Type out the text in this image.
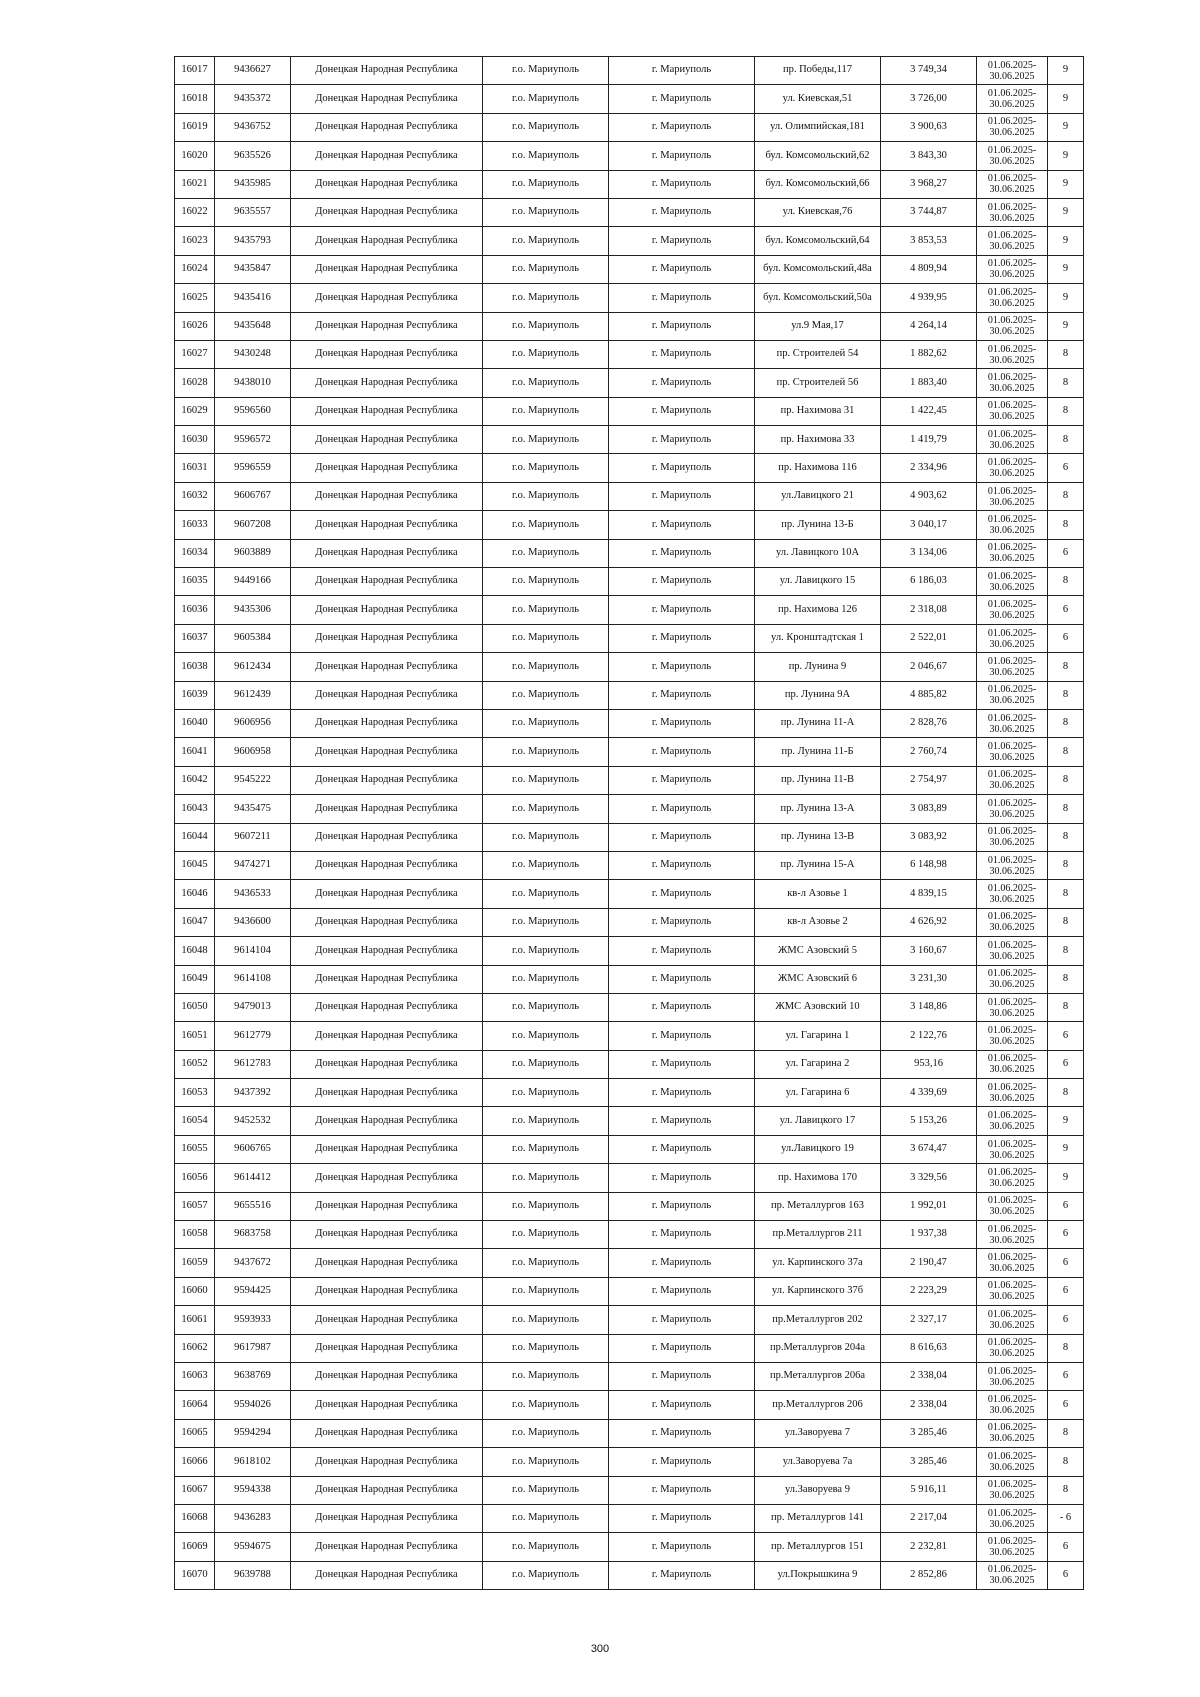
16017	9436627	Донецкая Народная Республика	г.о. Мариуполь	г. Мариуполь	пр. Победы,117	3 749,34	01.06.2025-30.06.2025	9
16018	9435372	Донецкая Народная Республика	г.о. Мариуполь	г. Мариуполь	ул. Киевская,51	3 726,00	01.06.2025-30.06.2025	9
16019	9436752	Донецкая Народная Республика	г.о. Мариуполь	г. Мариуполь	ул. Олимпийская,181	3 900,63	01.06.2025-30.06.2025	9
16020	9635526	Донецкая Народная Республика	г.о. Мариуполь	г. Мариуполь	бул. Комсомольский,62	3 843,30	01.06.2025-30.06.2025	9
16021	9435985	Донецкая Народная Республика	г.о. Мариуполь	г. Мариуполь	бул. Комсомольский,66	3 968,27	01.06.2025-30.06.2025	9
16022	9635557	Донецкая Народная Республика	г.о. Мариуполь	г. Мариуполь	ул. Киевская,76	3 744,87	01.06.2025-30.06.2025	9
16023	9435793	Донецкая Народная Республика	г.о. Мариуполь	г. Мариуполь	бул. Комсомольский,64	3 853,53	01.06.2025-30.06.2025	9
16024	9435847	Донецкая Народная Республика	г.о. Мариуполь	г. Мариуполь	бул. Комсомольский,48а	4 809,94	01.06.2025-30.06.2025	9
16025	9435416	Донецкая Народная Республика	г.о. Мариуполь	г. Мариуполь	бул. Комсомольский,50а	4 939,95	01.06.2025-30.06.2025	9
16026	9435648	Донецкая Народная Республика	г.о. Мариуполь	г. Мариуполь	ул.9 Мая,17	4 264,14	01.06.2025-30.06.2025	9
16027	9430248	Донецкая Народная Республика	г.о. Мариуполь	г. Мариуполь	пр. Строителей 54	1 882,62	01.06.2025-30.06.2025	8
16028	9438010	Донецкая Народная Республика	г.о. Мариуполь	г. Мариуполь	пр. Строителей 56	1 883,40	01.06.2025-30.06.2025	8
16029	9596560	Донецкая Народная Республика	г.о. Мариуполь	г. Мариуполь	пр. Нахимова 31	1 422,45	01.06.2025-30.06.2025	8
16030	9596572	Донецкая Народная Республика	г.о. Мариуполь	г. Мариуполь	пр. Нахимова 33	1 419,79	01.06.2025-30.06.2025	8
16031	9596559	Донецкая Народная Республика	г.о. Мариуполь	г. Мариуполь	пр. Нахимова 116	2 334,96	01.06.2025-30.06.2025	6
16032	9606767	Донецкая Народная Республика	г.о. Мариуполь	г. Мариуполь	ул.Лавицкого 21	4 903,62	01.06.2025-30.06.2025	8
16033	9607208	Донецкая Народная Республика	г.о. Мариуполь	г. Мариуполь	пр. Лунина 13-Б	3 040,17	01.06.2025-30.06.2025	8
16034	9603889	Донецкая Народная Республика	г.о. Мариуполь	г. Мариуполь	ул. Лавицкого 10А	3 134,06	01.06.2025-30.06.2025	6
16035	9449166	Донецкая Народная Республика	г.о. Мариуполь	г. Мариуполь	ул. Лавицкого 15	6 186,03	01.06.2025-30.06.2025	8
16036	9435306	Донецкая Народная Республика	г.о. Мариуполь	г. Мариуполь	пр. Нахимова 126	2 318,08	01.06.2025-30.06.2025	6
16037	9605384	Донецкая Народная Республика	г.о. Мариуполь	г. Мариуполь	ул. Кронштадтская 1	2 522,01	01.06.2025-30.06.2025	6
16038	9612434	Донецкая Народная Республика	г.о. Мариуполь	г. Мариуполь	пр. Лунина 9	2 046,67	01.06.2025-30.06.2025	8
16039	9612439	Донецкая Народная Республика	г.о. Мариуполь	г. Мариуполь	пр. Лунина 9А	4 885,82	01.06.2025-30.06.2025	8
16040	9606956	Донецкая Народная Республика	г.о. Мариуполь	г. Мариуполь	пр. Лунина 11-А	2 828,76	01.06.2025-30.06.2025	8
16041	9606958	Донецкая Народная Республика	г.о. Мариуполь	г. Мариуполь	пр. Лунина 11-Б	2 760,74	01.06.2025-30.06.2025	8
16042	9545222	Донецкая Народная Республика	г.о. Мариуполь	г. Мариуполь	пр. Лунина 11-В	2 754,97	01.06.2025-30.06.2025	8
16043	9435475	Донецкая Народная Республика	г.о. Мариуполь	г. Мариуполь	пр. Лунина 13-А	3 083,89	01.06.2025-30.06.2025	8
16044	9607211	Донецкая Народная Республика	г.о. Мариуполь	г. Мариуполь	пр. Лунина 13-В	3 083,92	01.06.2025-30.06.2025	8
16045	9474271	Донецкая Народная Республика	г.о. Мариуполь	г. Мариуполь	пр. Лунина 15-А	6 148,98	01.06.2025-30.06.2025	8
16046	9436533	Донецкая Народная Республика	г.о. Мариуполь	г. Мариуполь	кв-л Азовье 1	4 839,15	01.06.2025-30.06.2025	8
16047	9436600	Донецкая Народная Республика	г.о. Мариуполь	г. Мариуполь	кв-л Азовье 2	4 626,92	01.06.2025-30.06.2025	8
16048	9614104	Донецкая Народная Республика	г.о. Мариуполь	г. Мариуполь	ЖМС Азовский 5	3 160,67	01.06.2025-30.06.2025	8
16049	9614108	Донецкая Народная Республика	г.о. Мариуполь	г. Мариуполь	ЖМС Азовский 6	3 231,30	01.06.2025-30.06.2025	8
16050	9479013	Донецкая Народная Республика	г.о. Мариуполь	г. Мариуполь	ЖМС Азовский 10	3 148,86	01.06.2025-30.06.2025	8
16051	9612779	Донецкая Народная Республика	г.о. Мариуполь	г. Мариуполь	ул. Гагарина 1	2 122,76	01.06.2025-30.06.2025	6
16052	9612783	Донецкая Народная Республика	г.о. Мариуполь	г. Мариуполь	ул. Гагарина 2	953,16	01.06.2025-30.06.2025	6
16053	9437392	Донецкая Народная Республика	г.о. Мариуполь	г. Мариуполь	ул. Гагарина 6	4 339,69	01.06.2025-30.06.2025	8
16054	9452532	Донецкая Народная Республика	г.о. Мариуполь	г. Мариуполь	ул. Лавицкого 17	5 153,26	01.06.2025-30.06.2025	9
16055	9606765	Донецкая Народная Республика	г.о. Мариуполь	г. Мариуполь	ул.Лавицкого 19	3 674,47	01.06.2025-30.06.2025	9
16056	9614412	Донецкая Народная Республика	г.о. Мариуполь	г. Мариуполь	пр. Нахимова 170	3 329,56	01.06.2025-30.06.2025	9
16057	9655516	Донецкая Народная Республика	г.о. Мариуполь	г. Мариуполь	пр. Металлургов 163	1 992,01	01.06.2025-30.06.2025	6
16058	9683758	Донецкая Народная Республика	г.о. Мариуполь	г. Мариуполь	пр.Металлургов 211	1 937,38	01.06.2025-30.06.2025	6
16059	9437672	Донецкая Народная Республика	г.о. Мариуполь	г. Мариуполь	ул. Карпинского 37а	2 190,47	01.06.2025-30.06.2025	6
16060	9594425	Донецкая Народная Республика	г.о. Мариуполь	г. Мариуполь	ул. Карпинского 37б	2 223,29	01.06.2025-30.06.2025	6
16061	9593933	Донецкая Народная Республика	г.о. Мариуполь	г. Мариуполь	пр.Металлургов 202	2 327,17	01.06.2025-30.06.2025	6
16062	9617987	Донецкая Народная Республика	г.о. Мариуполь	г. Мариуполь	пр.Металлургов 204а	8 616,63	01.06.2025-30.06.2025	8
16063	9638769	Донецкая Народная Республика	г.о. Мариуполь	г. Мариуполь	пр.Металлургов 206а	2 338,04	01.06.2025-30.06.2025	6
16064	9594026	Донецкая Народная Республика	г.о. Мариуполь	г. Мариуполь	пр.Металлургов 206	2 338,04	01.06.2025-30.06.2025	6
16065	9594294	Донецкая Народная Республика	г.о. Мариуполь	г. Мариуполь	ул.Заворуева 7	3 285,46	01.06.2025-30.06.2025	8
16066	9618102	Донецкая Народная Республика	г.о. Мариуполь	г. Мариуполь	ул.Заворуева 7а	3 285,46	01.06.2025-30.06.2025	8
16067	9594338	Донецкая Народная Республика	г.о. Мариуполь	г. Мариуполь	ул.Заворуева 9	5 916,11	01.06.2025-30.06.2025	8
16068	9436283	Донецкая Народная Республика	г.о. Мариуполь	г. Мариуполь	пр. Металлургов 141	2 217,04	01.06.2025-30.06.2025	- 6
16069	9594675	Донецкая Народная Республика	г.о. Мариуполь	г. Мариуполь	пр. Металлургов 151	2 232,81	01.06.2025-30.06.2025	6
16070	9639788	Донецкая Народная Республика	г.о. Мариуполь	г. Мариуполь	ул.Покрышкина 9	2 852,86	01.06.2025-30.06.2025	6
300
